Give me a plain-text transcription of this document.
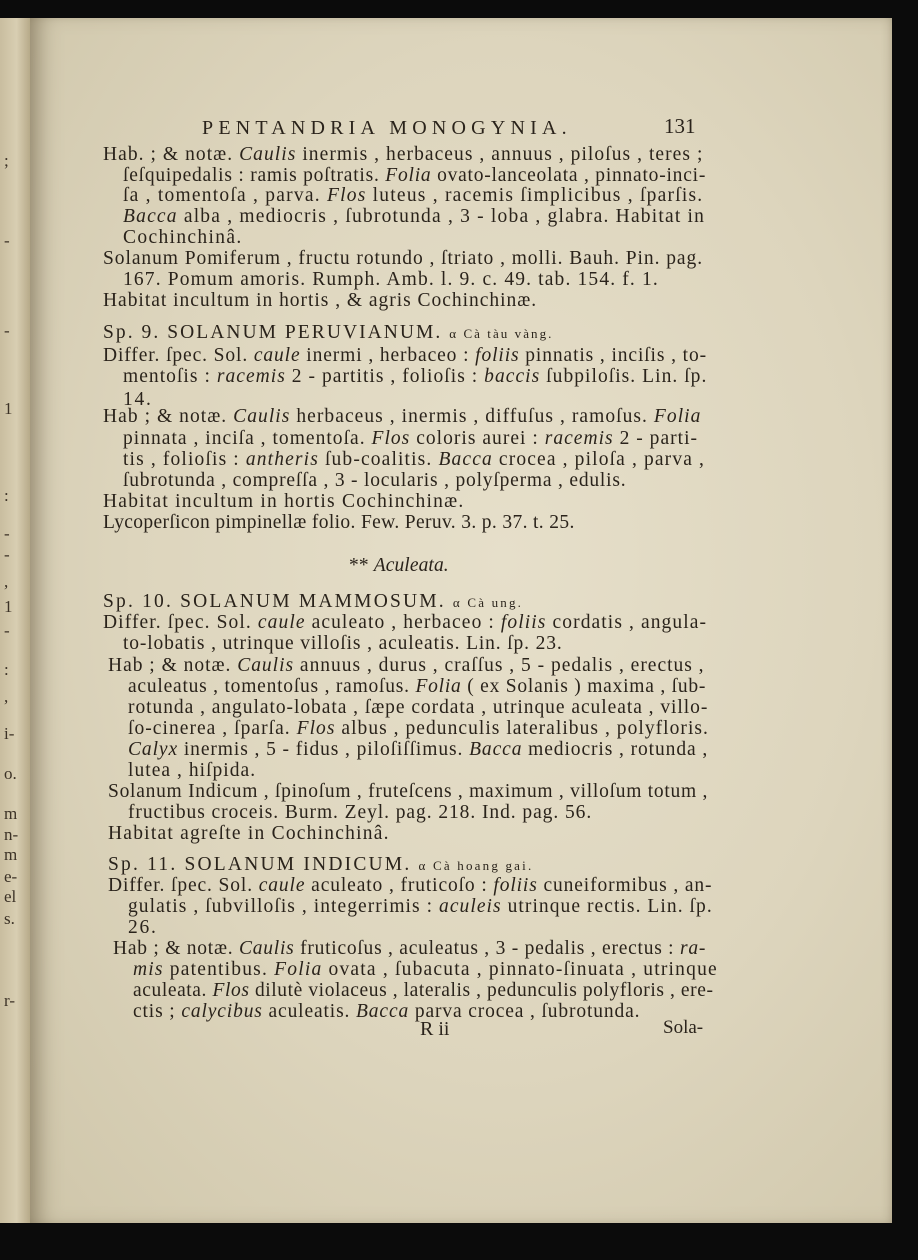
;
-
-
1
:
-
-
,
1
-
:
,
i-
o.
m
n-
m
e-
el
s.
r-
PENTANDRIA MONOGYNIA.	131
Hab. ; & notæ. Caulis inermis , herbaceus , annuus , piloſus , teres ;
ſeſquipedalis : ramis poſtratis. Folia ovato-lanceolata , pinnato-inci-
ſa , tomentoſa , parva. Flos luteus , racemis ſimplicibus , ſparſis.
Bacca alba , mediocris , ſubrotunda , 3 - loba , glabra. Habitat in
Cochinchinâ.
Solanum Pomiferum , fructu rotundo , ſtriato , molli. Bauh. Pin. pag.
167. Pomum amoris. Rumph. Amb. l. 9. c. 49. tab. 154. f. 1.
Habitat incultum in hortis , & agris Cochinchinæ.
Sp. 9. SOLANUM PERUVIANUM. α Cà tàu vàng.
Differ. ſpec. Sol. caule inermi , herbaceo : foliis pinnatis , inciſis , to-
mentoſis : racemis 2 - partitis , folioſis : baccis ſubpiloſis. Lin. ſp.
14.
Hab ; & notæ. Caulis herbaceus , inermis , diffuſus , ramoſus. Folia
pinnata , inciſa , tomentoſa. Flos coloris aurei : racemis 2 - parti-
tis , folioſis : antheris ſub-coalitis. Bacca crocea , piloſa , parva ,
ſubrotunda , compreſſa , 3 - locularis , polyſperma , edulis.
Habitat incultum in hortis Cochinchinæ.
Lycoperſicon pimpinellæ folio. Few. Peruv. 3. p. 37. t. 25.
** Aculeata.
Sp. 10. SOLANUM MAMMOSUM. α Cà ung.
Differ. ſpec. Sol. caule aculeato , herbaceo : foliis cordatis , angula-
to-lobatis , utrinque villoſis , aculeatis. Lin. ſp. 23.
Hab ; & notæ. Caulis annuus , durus , craſſus , 5 - pedalis , erectus ,
aculeatus , tomentoſus , ramoſus. Folia ( ex Solanis ) maxima , ſub-
rotunda , angulato-lobata , ſæpe cordata , utrinque aculeata , villo-
ſo-cinerea , ſparſa. Flos albus , pedunculis lateralibus , polyfloris.
Calyx inermis , 5 - fidus , piloſiſſimus. Bacca mediocris , rotunda ,
lutea , hiſpida.
Solanum Indicum , ſpinoſum , fruteſcens , maximum , villoſum totum ,
fructibus croceis. Burm. Zeyl. pag. 218. Ind. pag. 56.
Habitat agreſte in Cochinchinâ.
Sp. 11. SOLANUM INDICUM. α Cà hoang gai.
Differ. ſpec. Sol. caule aculeato , fruticoſo : foliis cuneiformibus , an-
gulatis , ſubvilloſis , integerrimis : aculeis utrinque rectis. Lin. ſp.
26.
Hab ; & notæ. Caulis fruticoſus , aculeatus , 3 - pedalis , erectus : ra-
mis patentibus. Folia ovata , ſubacuta , pinnato-ſinuata , utrinque
aculeata. Flos dilutè violaceus , lateralis , pedunculis polyfloris , ere-
ctis ; calycibus aculeatis. Bacca parva crocea , ſubrotunda.
R ii	Sola-
